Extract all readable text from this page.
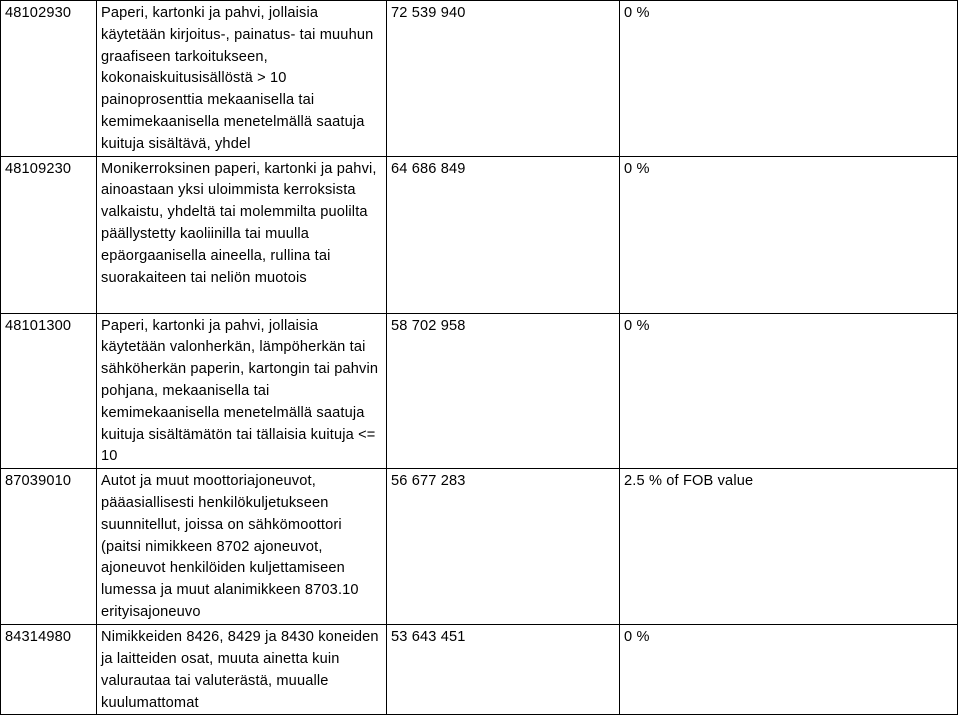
48102930	Paperi, kartonki ja pahvi, jollaisia käytetään kirjoitus-, painatus- tai muuhun graafiseen tarkoitukseen, kokonaiskuitusisällöstä > 10 painoprosenttia mekaanisella tai kemimekaanisella menetelmällä saatuja kuituja sisältävä, yhdel	72 539 940	0 %
48109230	Monikerroksinen paperi, kartonki ja pahvi, ainoastaan yksi uloimmista kerroksista valkaistu, yhdeltä tai molemmilta puolilta päällystetty kaoliinilla tai muulla epäorgaanisella aineella, rullina tai suorakaiteen tai neliön muotois	64 686 849	0 %
48101300	Paperi, kartonki ja pahvi, jollaisia käytetään valonherkän, lämpöherkän tai sähköherkän paperin, kartongin tai pahvin pohjana, mekaanisella tai kemimekaanisella menetelmällä saatuja kuituja sisältämätön tai tällaisia kuituja <= 10	58 702 958	0 %
87039010	Autot ja muut moottoriajoneuvot, pääasiallisesti henkilökuljetukseen suunnitellut, joissa on sähkömoottori (paitsi nimikkeen 8702 ajoneuvot, ajoneuvot henkilöiden kuljettamiseen lumessa ja muut alanimikkeen 8703.10 erityisajoneuvo	56 677 283	2.5 % of FOB value
84314980	Nimikkeiden 8426, 8429 ja 8430 koneiden ja laitteiden osat, muuta ainetta kuin valurautaa tai valuterästä, muualle kuulumattomat	53 643 451	0 %
